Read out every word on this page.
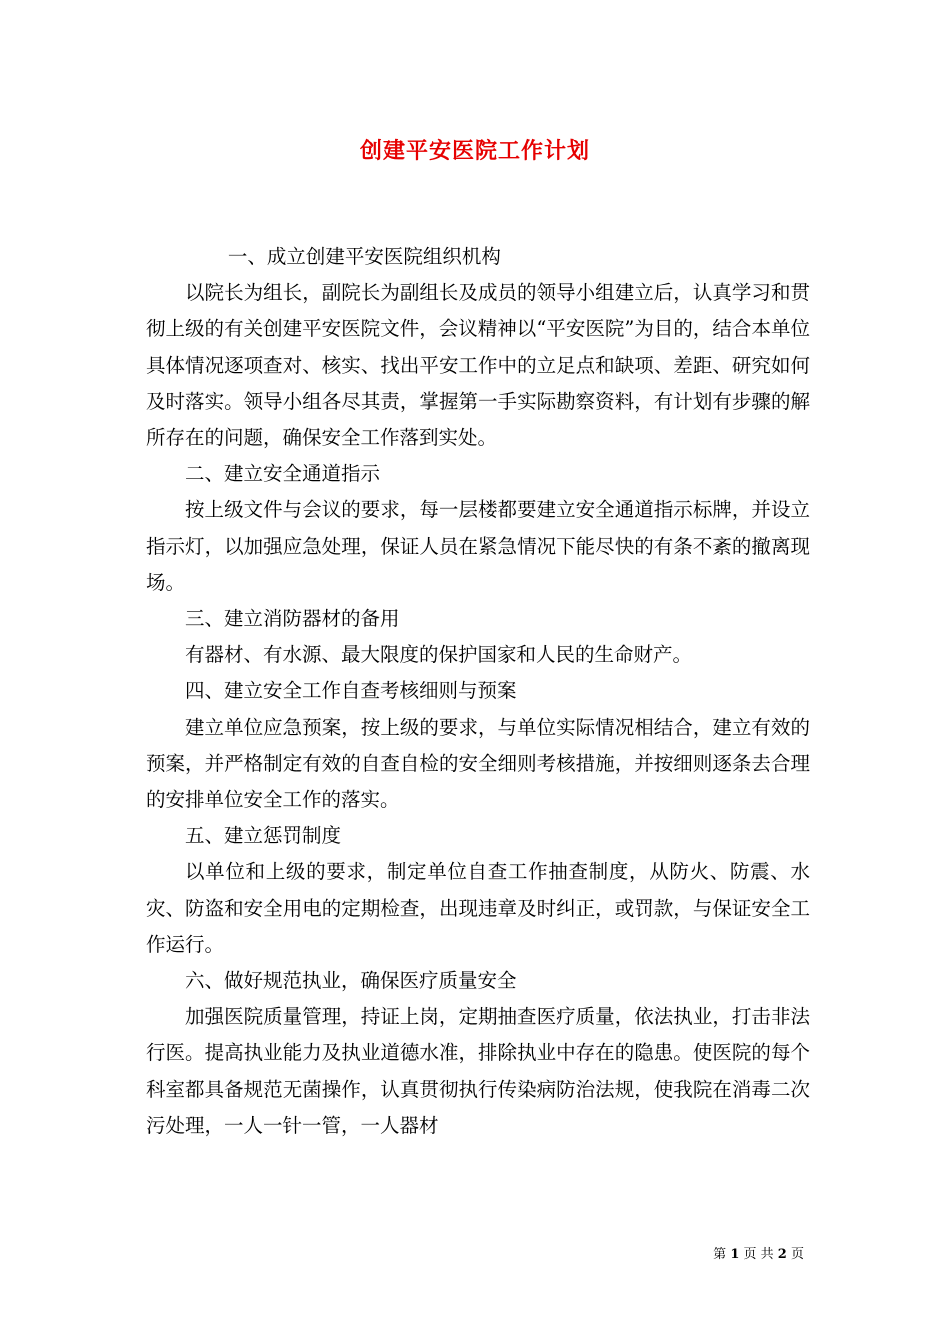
创建平安医院工作计划

一、成立创建平安医院组织机构

以院长为组长，副院长为副组长及成员的领导小组建立后，认真学习和贯彻上级的有关创建平安医院文件，会议精神以“平安医院”为目的，结合本单位具体情况逐项查对、核实、找出平安工作中的立足点和缺项、差距、研究如何及时落实。领导小组各尽其责，掌握第一手实际勘察资料，有计划有步骤的解所存在的问题，确保安全工作落到实处。

二、建立安全通道指示

按上级文件与会议的要求，每一层楼都要建立安全通道指示标牌，并设立指示灯，以加强应急处理，保证人员在紧急情况下能尽快的有条不紊的撤离现场。

三、建立消防器材的备用

有器材、有水源、最大限度的保护国家和人民的生命财产。

四、建立安全工作自查考核细则与预案

建立单位应急预案，按上级的要求，与单位实际情况相结合，建立有效的预案，并严格制定有效的自查自检的安全细则考核措施，并按细则逐条去合理的安排单位安全工作的落实。

五、建立惩罚制度

以单位和上级的要求，制定单位自查工作抽查制度，从防火、防震、水灾、防盗和安全用电的定期检查，出现违章及时纠正，或罚款，与保证安全工作运行。

六、做好规范执业，确保医疗质量安全

加强医院质量管理，持证上岗，定期抽查医疗质量，依法执业，打击非法行医。提高执业能力及执业道德水准，排除执业中存在的隐患。使医院的每个科室都具备规范无菌操作，认真贯彻执行传染病防治法规，使我院在消毒二次污处理，一人一针一管，一人器材

第 1 页 共 2 页
